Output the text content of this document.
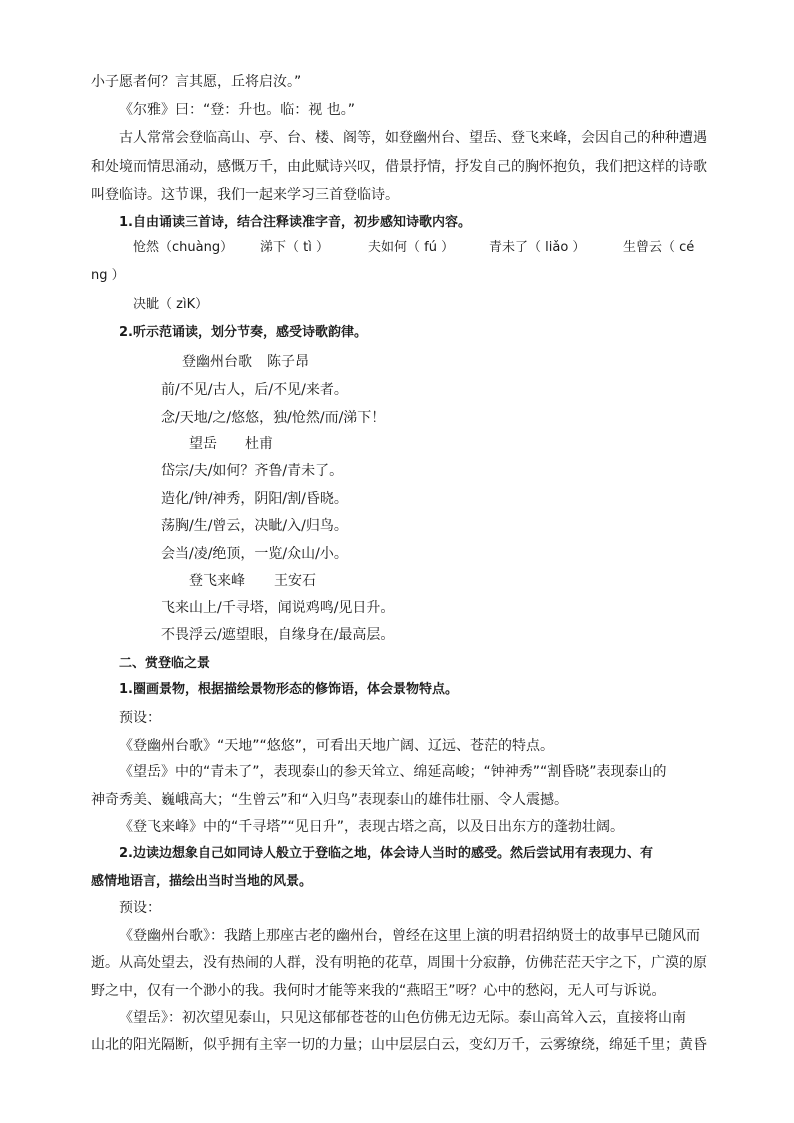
小子愿者何？言其愿，丘将启汝。”
《尔雅》曰：“登：升也。临：视 也。”
古人常常会登临高山、亭、台、楼、阁等，如登幽州台、望岳、登飞来峰，会因自己的种种遭遇
和处境而情思涌动，感慨万千，由此赋诗兴叹，借景抒情，抒发自己的胸怀抱负，我们把这样的诗歌
叫登临诗。这节课，我们一起来学习三首登临诗。
1.自由诵读三首诗，结合注释读准字音，初步感知诗歌内容。
怆然（chuàng） 涕下（ tì ）	夫如何（ fú ）	青未了（ liǎo ）	生曾云（ cé
ng ）
决眦（ zìK）
2.听示范诵读，划分节奏，感受诗歌韵律。
登幽州台歌 陈子昂
前/不见/古人，后/不见/来者。
念/天地/之/悠悠，独/怆然/而/涕下！
望岳 杜甫
岱宗/夫/如何？齐鲁/青未了。
造化/钟/神秀，阴阳/割/昏晓。
荡胸/生/曾云，决眦/入/归鸟。
会当/凌/绝顶，一览/众山/小。
登飞来峰 王安石
飞来山上/千寻塔，闻说鸡鸣/见日升。
不畏浮云/遮望眼，自缘身在/最高层。
二、赏登临之景
1.圈画景物，根据描绘景物形态的修饰语，体会景物特点。
预设：
《登幽州台歌》“天地”“悠悠”，可看出天地广阔、辽远、苍茫的特点。
《望岳》中的“青未了”，表现泰山的参天耸立、绵延高峻；“钟神秀”“割昏晓”表现泰山的
神奇秀美、巍峨高大；“生曾云”和“入归鸟”表现泰山的雄伟壮丽、令人震撼。
《登飞来峰》中的“千寻塔”“见日升”，表现古塔之高，以及日出东方的蓬勃壮阔。
2.边读边想象自己如同诗人般立于登临之地，体会诗人当时的感受。然后尝试用有表现力、有
感情地语言，描绘出当时当地的风景。
预设：
《登幽州台歌》：我踏上那座古老的幽州台，曾经在这里上演的明君招纳贤士的故事早已随风而
逝。从高处望去，没有热闹的人群，没有明艳的花草，周围十分寂静，仿佛茫茫天宇之下，广漠的原
野之中，仅有一个渺小的我。我何时才能等来我的“燕昭王”呀？心中的愁闷，无人可与诉说。
《望岳》：初次望见泰山，只见这郁郁苍苍的山色仿佛无边无际。泰山高耸入云，直接将山南
山北的阳光隔断，似乎拥有主宰一切的力量；山中层层白云，变幻万千，云雾缭绕，绵延千里；黄昏
